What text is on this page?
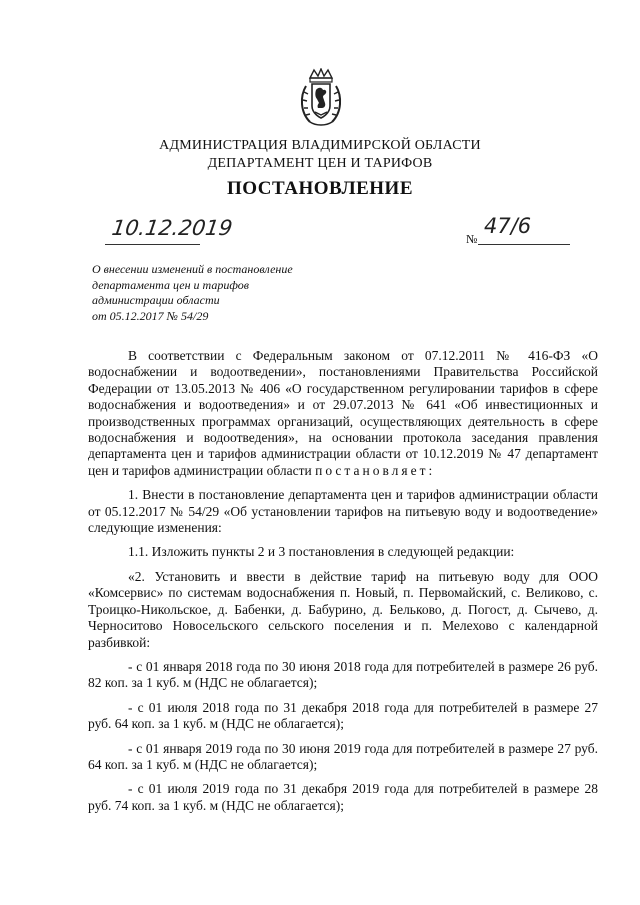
АДМИНИСТРАЦИЯ ВЛАДИМИРСКОЙ ОБЛАСТИ
ДЕПАРТАМЕНТ ЦЕН И ТАРИФОВ
ПОСТАНОВЛЕНИЕ
10.12.2019	№
47/6
О внесении изменений в постановление
департамента цен и тарифов
администрации области
от 05.12.2017 № 54/29

В соответствии с Федеральным законом от 07.12.2011 № 416-ФЗ «О водоснабжении и водоотведении», постановлениями Правительства Российской Федерации от 13.05.2013 № 406 «О государственном регулировании тарифов в сфере водоснабжения и водоотведения» и от 29.07.2013 № 641 «Об инвестиционных и производственных программах организаций, осуществляющих деятельность в сфере водоснабжения и водоотведения», на основании протокола заседания правления департамента цен и тарифов администрации области от 10.12.2019 № 47 департамент цен и тарифов администрации области постановляет:

1. Внести в постановление департамента цен и тарифов администрации области от 05.12.2017 № 54/29 «Об установлении тарифов на питьевую воду и водоотведение» следующие изменения:

1.1. Изложить пункты 2 и 3 постановления в следующей редакции:

«2. Установить и ввести в действие тариф на питьевую воду для ООО «Комсервис» по системам водоснабжения п. Новый, п. Первомайский, с. Великово, с. Троицко-Никольское, д. Бабенки, д. Бабурино, д. Бельково, д. Погост, д. Сычево, д. Черноситово Новосельского сельского поселения и п. Мелехово с календарной разбивкой:

- с 01 января 2018 года по 30 июня 2018 года для потребителей в размере 26 руб. 82 коп. за 1 куб. м (НДС не облагается);

- с 01 июля 2018 года по 31 декабря 2018 года для потребителей в размере 27 руб. 64 коп. за 1 куб. м (НДС не облагается);

- с 01 января 2019 года по 30 июня 2019 года для потребителей в размере 27 руб. 64 коп. за 1 куб. м (НДС не облагается);

- с 01 июля 2019 года по 31 декабря 2019 года для потребителей в размере 28 руб. 74 коп. за 1 куб. м (НДС не облагается);
